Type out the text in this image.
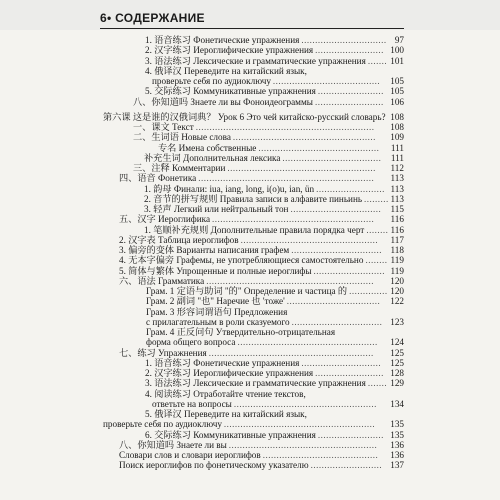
6• СОДЕРЖАНИЕ
1. 语音练习 Фонетические упражнения	97
...............................
2. 汉字练习 Иероглифические упражнения	100
.........................
3. 语法练习 Лексические и грамматические упражнения	101
.......
4. 俄译汉 Переведите на китайский язык,
проверьте себя по аудиоключу	105
.......................................
5. 交际练习 Коммуникативные упражнения	105
........................
八、你知道吗 Знаете ли вы Фоноидеограммы	106
.........................
第六课 这是谁的汉俄词典？ Урок 6 Это чей китайско-русский словарь? 108
一、课文 Текст	108
.................................................................
二、生词语 Новые слова	109
....................................................
专名 Имена собственные	111
............................................
补充生词 Дополнительная лексика	111
....................................
三、注释 Комментарии	112
......................................................
四、语音 Фонетика	113
................................................................
1. 韵母 Финали: iua, iang, long, i(o)u, ian, ün	113
.........................
2. 音节的拼写规则 Правила записи в алфавите пиньинь	113
.........
3. 轻声 Легкий или нейтральный тон	115
.................................
五、汉字 Иероглифика	116
...........................................................
1. 笔顺补充规则 Дополнительные правила порядка черт	116
........
2. 汉字表 Таблица иероглифов	117
..................................................
3. 偏旁的变体 Варианты написания графем	118
.................................
4. 无本字偏旁 Графемы, не употребляющиеся самостоятельно	119
........
5. 简体与繁体 Упрощенные и полные иероглифы	119
..........................
六、语法 Грамматика	120
.............................................................
Грам. 1 定语与助词 "的" Определение и частица 的	120
..............
Грам. 2 副词 "也" Наречие 也 'тоже'	122
..................................
Грам. 3 形容词谓语句 Предложения
с прилагательным в роли сказуемого	123
.................................
Грам. 4 正反问句 Утвердительно-отрицательная
форма общего вопроса	124
...................................................
七、练习 Упражнения	125
............................................................
1. 语音练习 Фонетические упражнения	125
.............................
2. 汉字练习 Иероглифические упражнения	128
.........................
3. 语法练习 Лексические и грамматические упражнения	129
.......
4. 阅读练习 Отработайте чтение текстов,
ответьте на вопросы	134
....................................................
5. 俄译汉 Переведите на китайский язык,
проверьте себя по аудиоключу	135
.......................................................
6. 交际练习 Коммуникативные упражнения	135
........................
八、你知道吗 Знаете ли вы	136
......................................................
Словари слов и словари иероглифов	136
..........................................
Поиск иероглифов по фонетическому указателю	137
..........................
